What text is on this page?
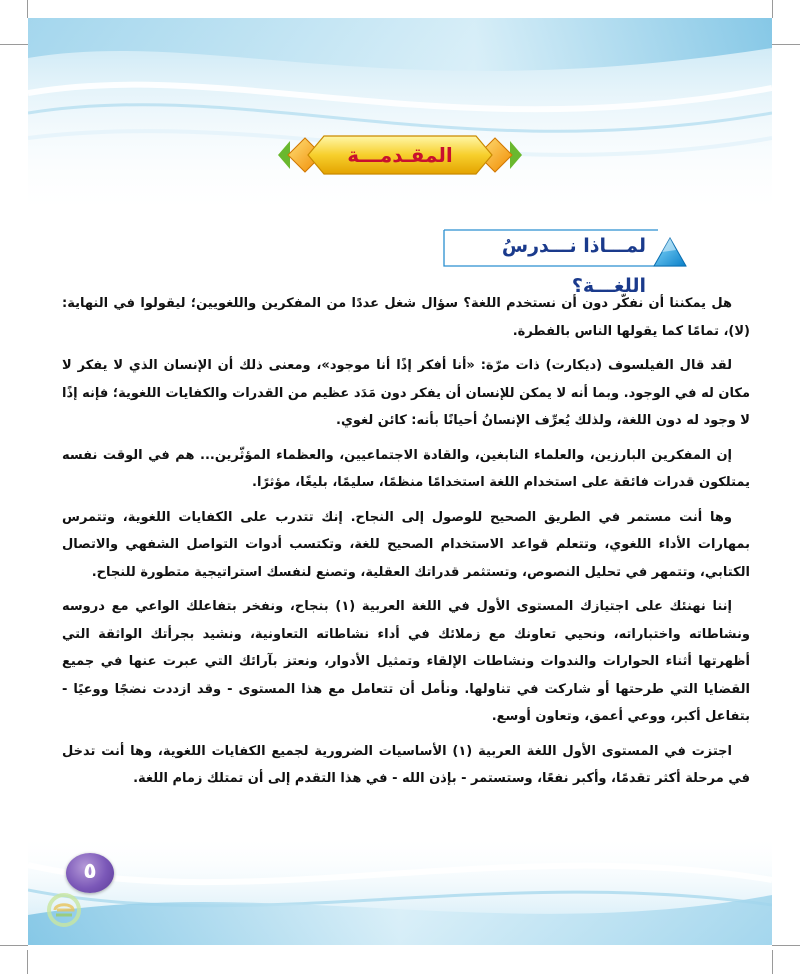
المقـدمـــة
لمـــاذا نـــدرسُ اللغـــة؟

هل يمكننا أن نفكّر دون أن نستخدم اللغة؟ سؤال شغل عددًا من المفكرين واللغويين؛ ليقولوا في النهاية: (لا)، تمامًا كما يقولها الناس بالفطرة.

لقد قال الفيلسوف (ديكارت) ذات مرّة: «أنا أفكر إذًا أنا موجود»، ومعنى ذلك أن الإنسان الذي لا يفكر لا مكان له في الوجود. وبما أنه لا يمكن للإنسان أن يفكر دون مَدَد عظيم من القدرات والكفايات اللغوية؛ فإنه إذًا لا وجود له دون اللغة، ولذلك يُعرِّف الإنسانُ أحيانًا بأنه: كائن لغوي.

إن المفكرين البارزين، والعلماء النابغين، والقادة الاجتماعيين، والعظماء المؤثّرين... هم في الوقت نفسه يمتلكون قدرات فائقة على استخدام اللغة استخدامًا منظمًا، سليمًا، بليغًا، مؤثرًا.

وها أنت مستمر في الطريق الصحيح للوصول إلى النجاح. إنك تتدرب على الكفايات اللغوية، وتتمرس بمهارات الأداء اللغوي، وتتعلم قواعد الاستخدام الصحيح للغة، وتكتسب أدوات التواصل الشفهي والاتصال الكتابي، وتتمهر في تحليل النصوص، وتستثمر قدراتك العقلية، وتصنع لنفسك استراتيجية متطورة للنجاح.

إننا نهنئك على اجتيازك المستوى الأول في اللغة العربية (١) بنجاح، ونفخر بتفاعلك الواعي مع دروسه ونشاطاته واختباراته، ونحيي تعاونك مع زملائك في أداء نشاطاته التعاونية، ونشيد بجرأتك الواثقة التي أظهرتها أثناء الحوارات والندوات ونشاطات الإلقاء وتمثيل الأدوار، ونعتز بآرائك التي عبرت عنها في جميع القضايا التي طرحتها أو شاركت في تناولها. ونأمل أن تتعامل مع هذا المستوى - وقد ازددت نضجًا ووعيًا - بتفاعل أكبر، ووعي أعمق، وتعاون أوسع.

اجتزت في المستوى الأول اللغة العربية (١) الأساسيات الضرورية لجميع الكفايات اللغوية، وها أنت تدخل في مرحلة أكثر تقدمًا، وأكبر نفعًا، وستستمر - بإذن الله - في هذا التقدم إلى أن تمتلك زمام اللغة.

٥
